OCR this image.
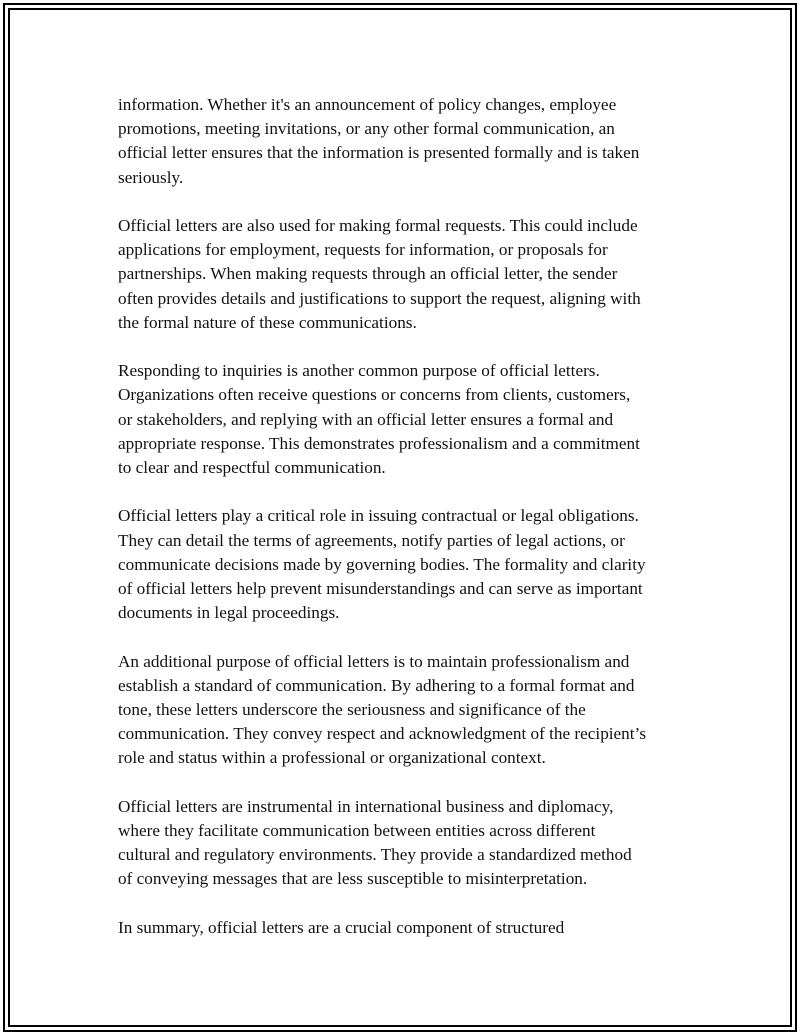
information. Whether it's an announcement of policy changes, employee
promotions, meeting invitations, or any other formal communication, an
official letter ensures that the information is presented formally and is taken
seriously.

Official letters are also used for making formal requests. This could include
applications for employment, requests for information, or proposals for
partnerships. When making requests through an official letter, the sender
often provides details and justifications to support the request, aligning with
the formal nature of these communications.

Responding to inquiries is another common purpose of official letters.
Organizations often receive questions or concerns from clients, customers,
or stakeholders, and replying with an official letter ensures a formal and
appropriate response. This demonstrates professionalism and a commitment
to clear and respectful communication.

Official letters play a critical role in issuing contractual or legal obligations.
They can detail the terms of agreements, notify parties of legal actions, or
communicate decisions made by governing bodies. The formality and clarity
of official letters help prevent misunderstandings and can serve as important
documents in legal proceedings.

An additional purpose of official letters is to maintain professionalism and
establish a standard of communication. By adhering to a formal format and
tone, these letters underscore the seriousness and significance of the
communication. They convey respect and acknowledgment of the recipient’s
role and status within a professional or organizational context.

Official letters are instrumental in international business and diplomacy,
where they facilitate communication between entities across different
cultural and regulatory environments. They provide a standardized method
of conveying messages that are less susceptible to misinterpretation.

In summary, official letters are a crucial component of structured
